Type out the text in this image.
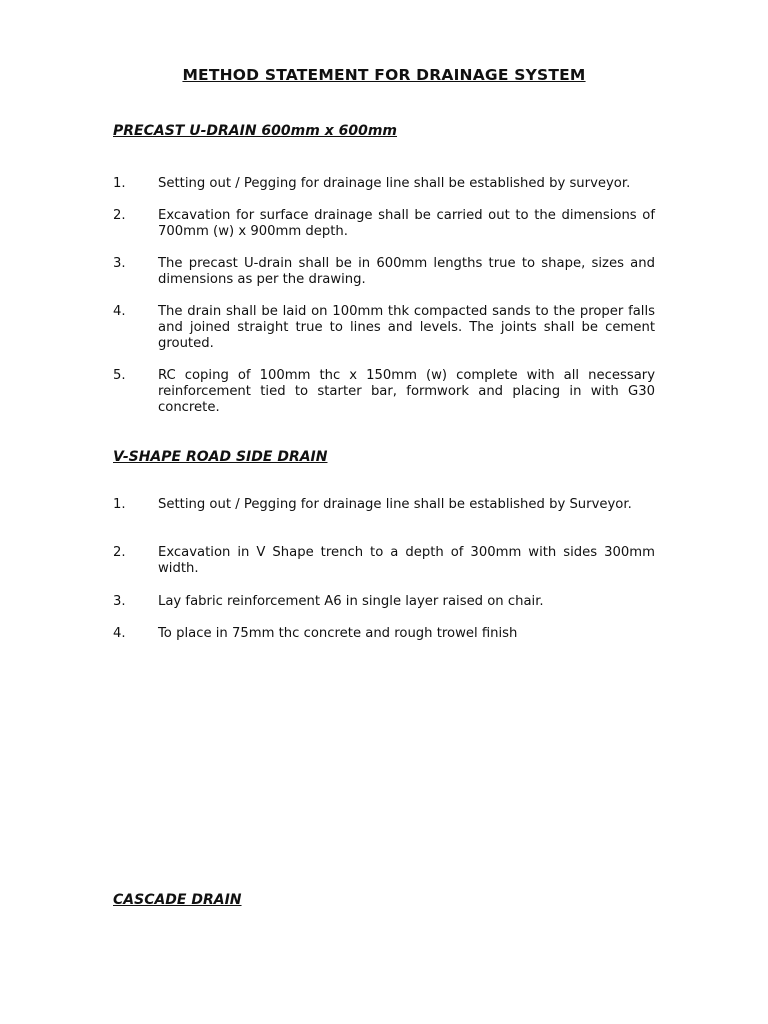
METHOD STATEMENT FOR DRAINAGE SYSTEM
PRECAST U-DRAIN 600mm x 600mm
1. Setting out / Pegging for drainage line shall be established by surveyor.
2. Excavation for surface drainage shall be carried out to the dimensions of 700mm (w) x 900mm depth.
3. The precast U-drain shall be in 600mm lengths true to shape, sizes and dimensions as per the drawing.
4. The drain shall be laid on 100mm thk compacted sands to the proper falls and joined straight true to lines and levels. The joints shall be cement grouted.
5. RC coping of 100mm thc x 150mm (w) complete with all necessary reinforcement tied to starter bar, formwork and placing in with G30 concrete.
V-SHAPE ROAD SIDE DRAIN
1. Setting out / Pegging for drainage line shall be established by Surveyor.
2. Excavation in V Shape trench to a depth of 300mm with sides 300mm width.
3. Lay fabric reinforcement A6 in single layer raised on chair.
4. To place in 75mm thc concrete and rough trowel finish
CASCADE DRAIN
